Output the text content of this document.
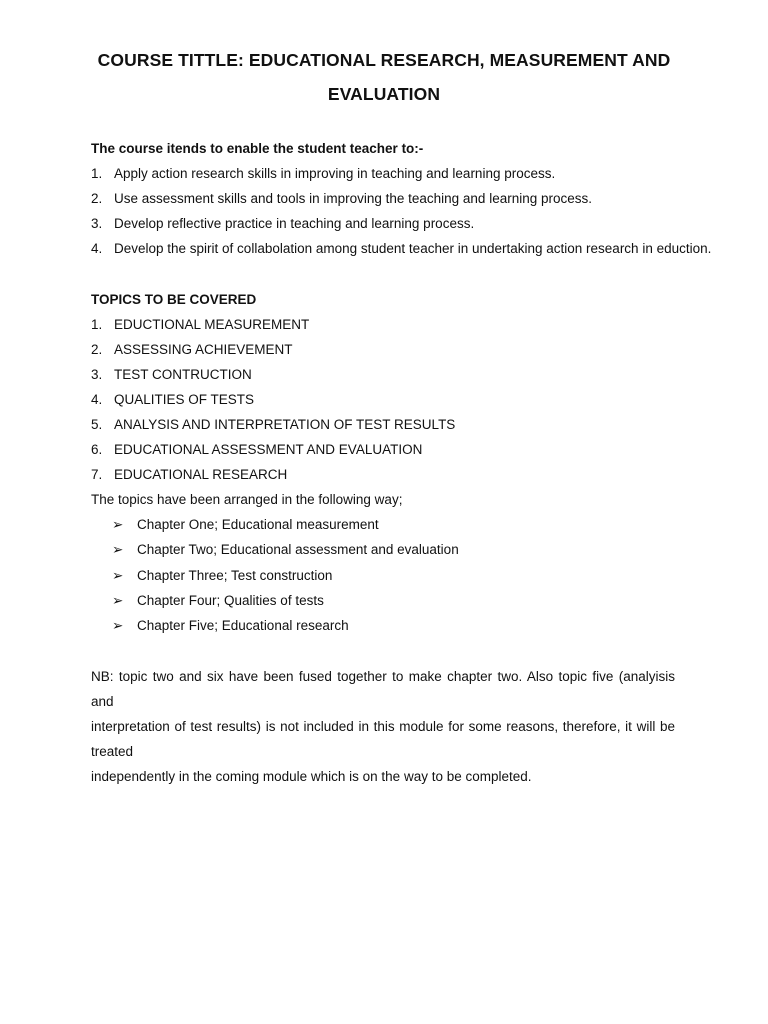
COURSE TITTLE: EDUCATIONAL RESEARCH, MEASUREMENT AND
EVALUATION
The course itends to enable the student teacher to:-
1. Apply action research skills in improving in teaching and learning process.
2. Use assessment skills and tools in improving the teaching and learning process.
3. Develop reflective practice in teaching and learning process.
4. Develop the spirit of collabolation among student teacher in undertaking action research in eduction.
TOPICS TO BE COVERED
1. EDUCTIONAL MEASUREMENT
2. ASSESSING ACHIEVEMENT
3. TEST CONTRUCTION
4. QUALITIES OF TESTS
5. ANALYSIS AND INTERPRETATION OF TEST RESULTS
6. EDUCATIONAL ASSESSMENT AND EVALUATION
7. EDUCATIONAL RESEARCH
The topics have been arranged in the following way;
➢ Chapter One; Educational measurement
➢ Chapter Two; Educational assessment and evaluation
➢ Chapter Three; Test construction
➢ Chapter Four; Qualities of tests
➢ Chapter Five; Educational research
NB: topic two and six have been fused together to make chapter two. Also topic five (analyisis and
interpretation of test results) is not included in this module for some reasons, therefore, it will be treated
independently in the coming module which is on the way to be completed.
